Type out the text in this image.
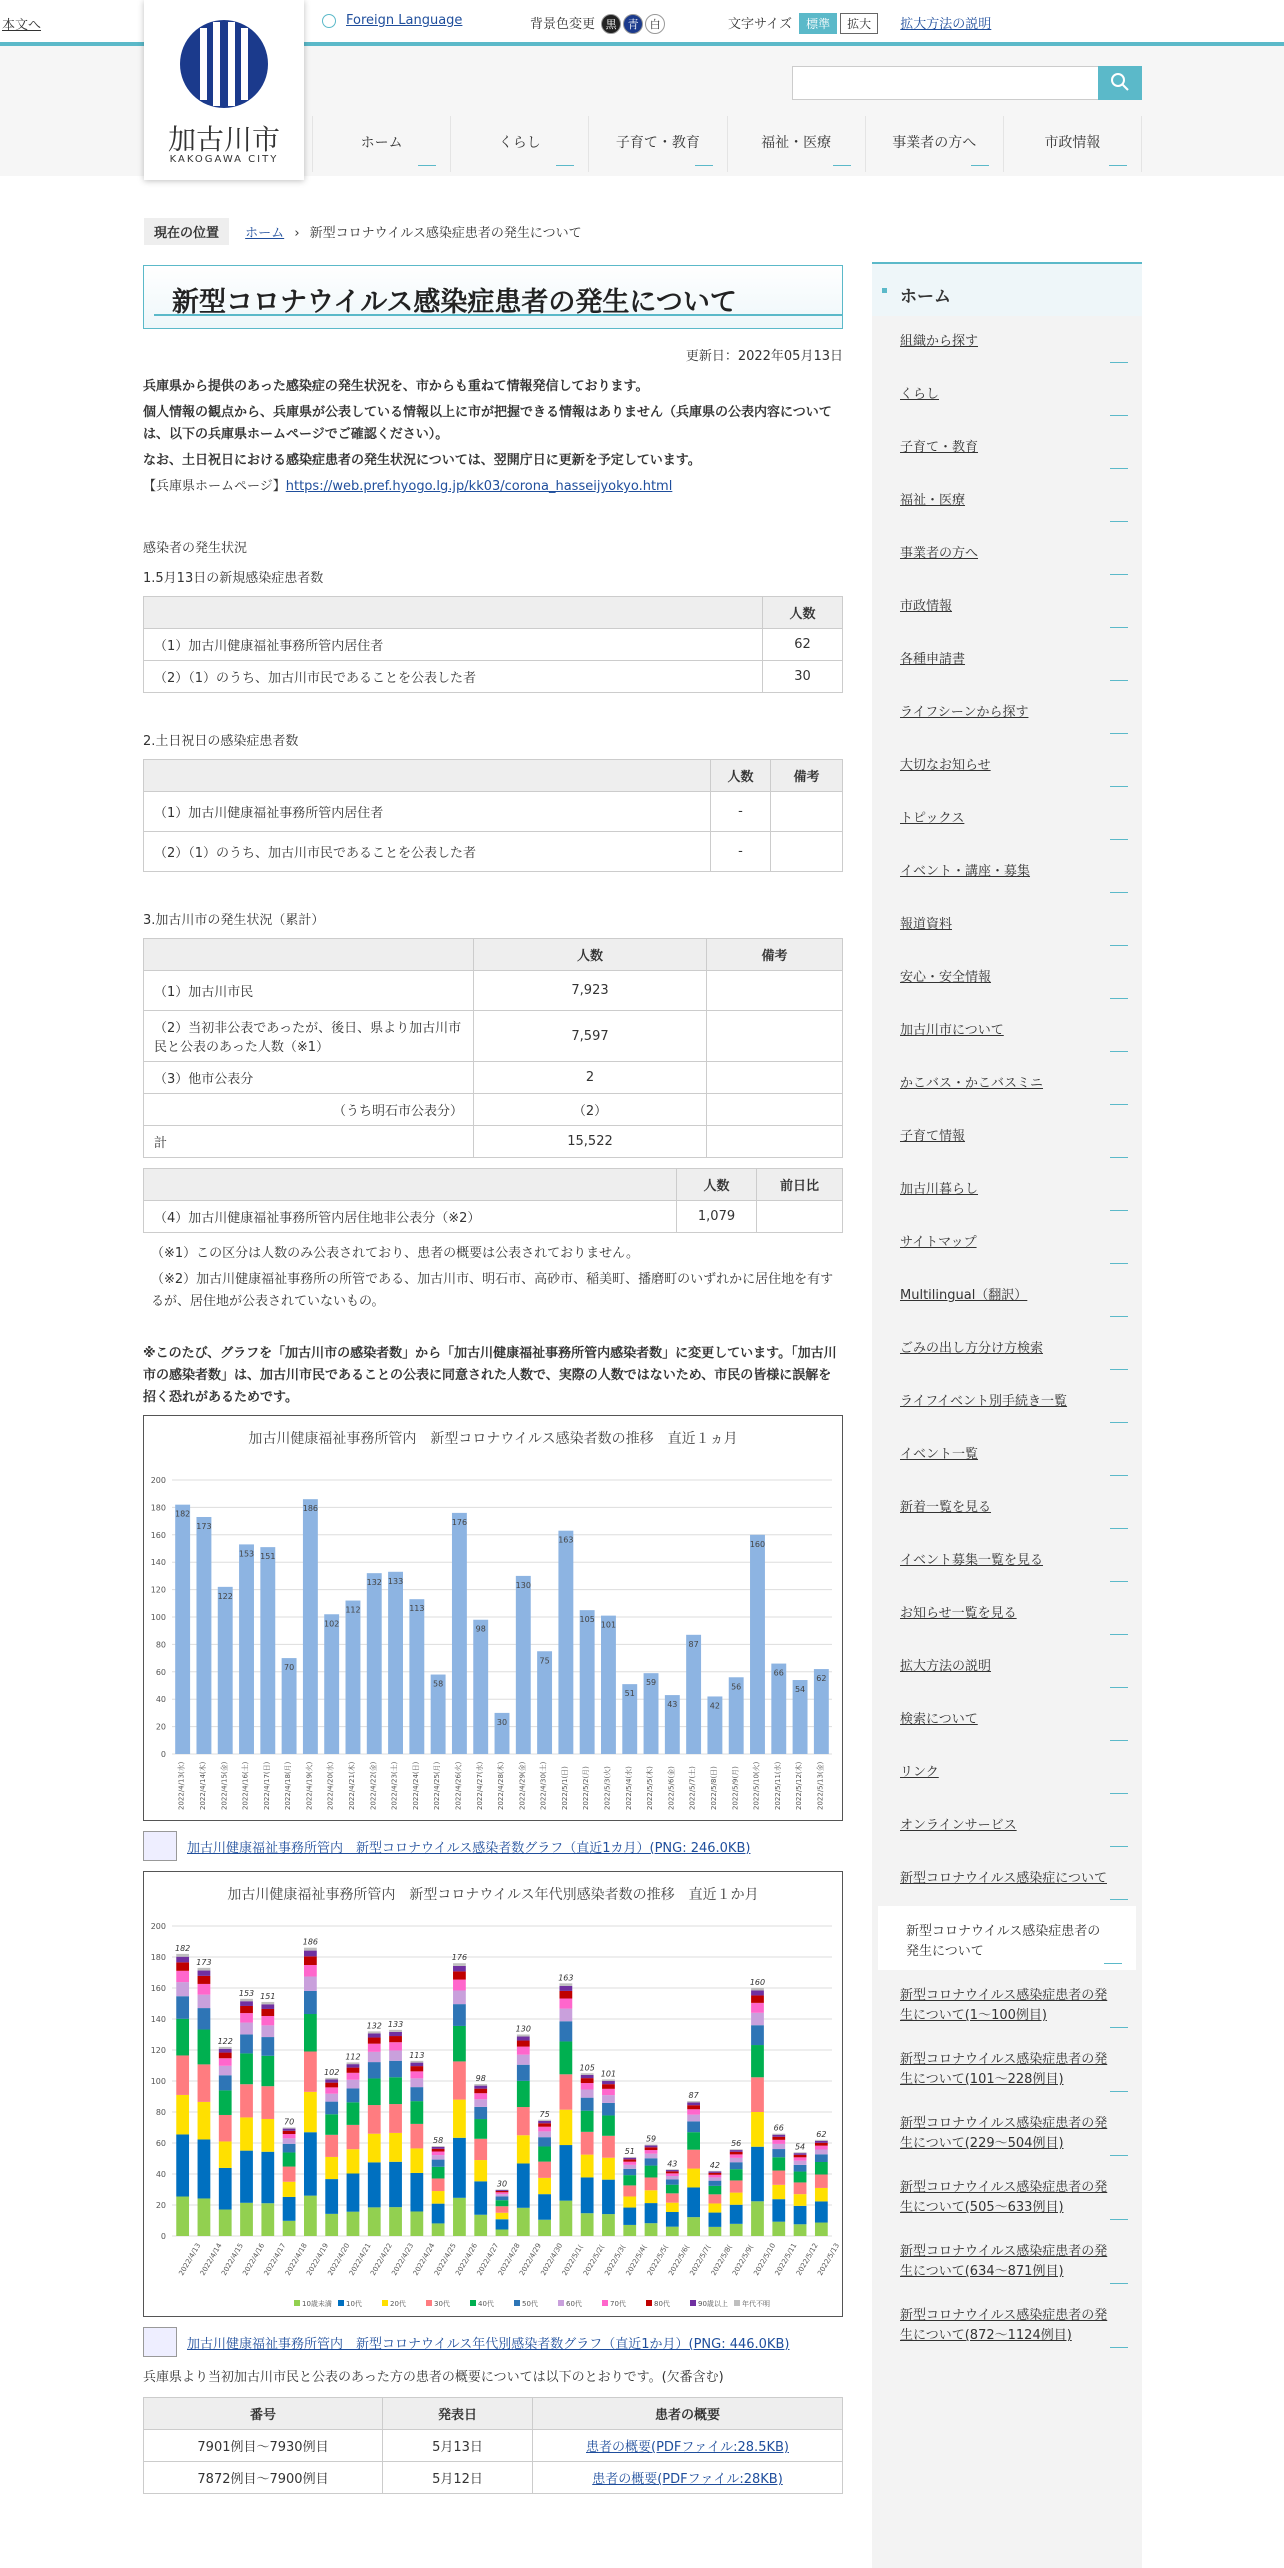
本文へ
加古川市
KAKOGAWA CITY
Foreign Language	背景色変更 黒 青 白	文字サイズ 標準 拡大 拡大方法の説明
ホーム	くらし	子育て・教育	福祉・医療	事業者の方へ	市政情報
現在の位置 ホーム › 新型コロナウイルス感染症患者の発生について
新型コロナウイルス感染症患者の発生について
更新日：2022年05月13日

兵庫県から提供のあった感染症の発生状況を、市からも重ねて情報発信しております。

個人情報の観点から、兵庫県が公表している情報以上に市が把握できる情報はありません（兵庫県の公表内容については、以下の兵庫県ホームページでご確認ください）。

なお、土日祝日における感染症患者の発生状況については、翌開庁日に更新を予定しています。

【兵庫県ホームページ】https://web.pref.hyogo.lg.jp/kk03/corona_hasseijyokyo.html

感染者の発生状況

1.5月13日の新規感染症患者数

	人数
（1）加古川健康福祉事務所管内居住者	62
（2）（1）のうち、加古川市民であることを公表した者	30

2.土日祝日の感染症患者数

	人数	備考
（1）加古川健康福祉事務所管内居住者	-	
（2）（1）のうち、加古川市民であることを公表した者	-	

3.加古川市の発生状況（累計）

	人数	備考
（1）加古川市民	7,923	
（2）当初非公表であったが、後日、県より加古川市民と公表のあった人数（※1）	7,597	
（3）他市公表分	2	
（うち明石市公表分）	（2）	
計	15,522	
	人数	前日比
（4）加古川健康福祉事務所管内居住地非公表分（※2）	1,079	

（※1）この区分は人数のみ公表されており、患者の概要は公表されておりません。

（※2）加古川健康福祉事務所の所管である、加古川市、明石市、高砂市、稲美町、播磨町のいずれかに居住地を有するが、居住地が公表されていないもの。

※このたび、グラフを「加古川市の感染者数」から「加古川健康福祉事務所管内感染者数」に変更しています。「加古川市の感染者数」は、加古川市民であることの公表に同意された人数で、実際の人数ではないため、市民の皆様に誤解を招く恐れがあるためです。

加古川健康福祉事務所管内　新型コロナウイルス感染者数の推移　直近１ヵ月
0
20
40
60
80
100
120
140
160
180
200
182
2022/4/13(水)
173
2022/4/14(木)
122
2022/4/15(金)
153
2022/4/16(土)
151
2022/4/17(日)
70
2022/4/18(月)
186
2022/4/19(火)
102
2022/4/20(水)
112
2022/4/21(木)
132
2022/4/22(金)
133
2022/4/23(土)
113
2022/4/24(日)
58
2022/4/25(月)
176
2022/4/26(火)
98
2022/4/27(水)
30
2022/4/28(木)
130
2022/4/29(金)
75
2022/4/30(土)
163
2022/5/1(日)
105
2022/5/2(月)
101
2022/5/3(火)
51
2022/5/4(水)
59
2022/5/5(木)
43
2022/5/6(金)
87
2022/5/7(土)
42
2022/5/8(日)
56
2022/5/9(月)
160
2022/5/10(火)
66
2022/5/11(水)
54
2022/5/12(木)
62
2022/5/13(金)
加古川健康福祉事務所管内　新型コロナウイルス感染者数グラフ（直近1カ月）(PNG: 246.0KB)
加古川健康福祉事務所管内　新型コロナウイルス年代別感染者数の推移　直近１か月
0
20
40
60
80
100
120
140
160
180
200
182
2022/4/13
173
2022/4/14
122
2022/4/15
153
2022/4/16
151
2022/4/17
70
2022/4/18
186
2022/4/19
102
2022/4/20
112
2022/4/21
132
2022/4/22
133
2022/4/23
113
2022/4/24
58
2022/4/25
176
2022/4/26
98
2022/4/27
30
2022/4/28
130
2022/4/29
75
2022/4/30
163
2022/5/1(
105
2022/5/2(
101
2022/5/3(
51
2022/5/4(
59
2022/5/5(
43
2022/5/6(
87
2022/5/7(
42
2022/5/8(
56
2022/5/9(
160
2022/5/10
66
2022/5/11
54
2022/5/12
62
2022/5/13
10歳未満 10代	20代	30代	40代	50代	60代	70代	80代	90歳以上 年代不明
加古川健康福祉事務所管内　新型コロナウイルス年代別感染者数グラフ（直近1か月）(PNG: 446.0KB)

兵庫県より当初加古川市民と公表のあった方の患者の概要については以下のとおりです。(欠番含む)

番号	発表日	患者の概要
7901例目～7930例目	5月13日	患者の概要(PDFファイル:28.5KB)
7872例目～7900例目	5月12日	患者の概要(PDFファイル:28KB)
ホーム
組織から探す
くらし
子育て・教育
福祉・医療
事業者の方へ
市政情報
各種申請書
ライフシーンから探す
大切なお知らせ
トピックス
イベント・講座・募集
報道資料
安心・安全情報
加古川市について
かこバス・かこバスミニ
子育て情報
加古川暮らし
サイトマップ
Multilingual（翻訳）
ごみの出し方分け方検索
ライフイベント別手続き一覧
イベント一覧
新着一覧を見る
イベント募集一覧を見る
お知らせ一覧を見る
拡大方法の説明
検索について
リンク
オンラインサービス
新型コロナウイルス感染症について
新型コロナウイルス感染症患者の発生について
新型コロナウイルス感染症患者の発生について(1～100例目)
新型コロナウイルス感染症患者の発生について(101～228例目)
新型コロナウイルス感染症患者の発生について(229～504例目)
新型コロナウイルス感染症患者の発生について(505～633例目)
新型コロナウイルス感染症患者の発生について(634～871例目)
新型コロナウイルス感染症患者の発生について(872～1124例目)
